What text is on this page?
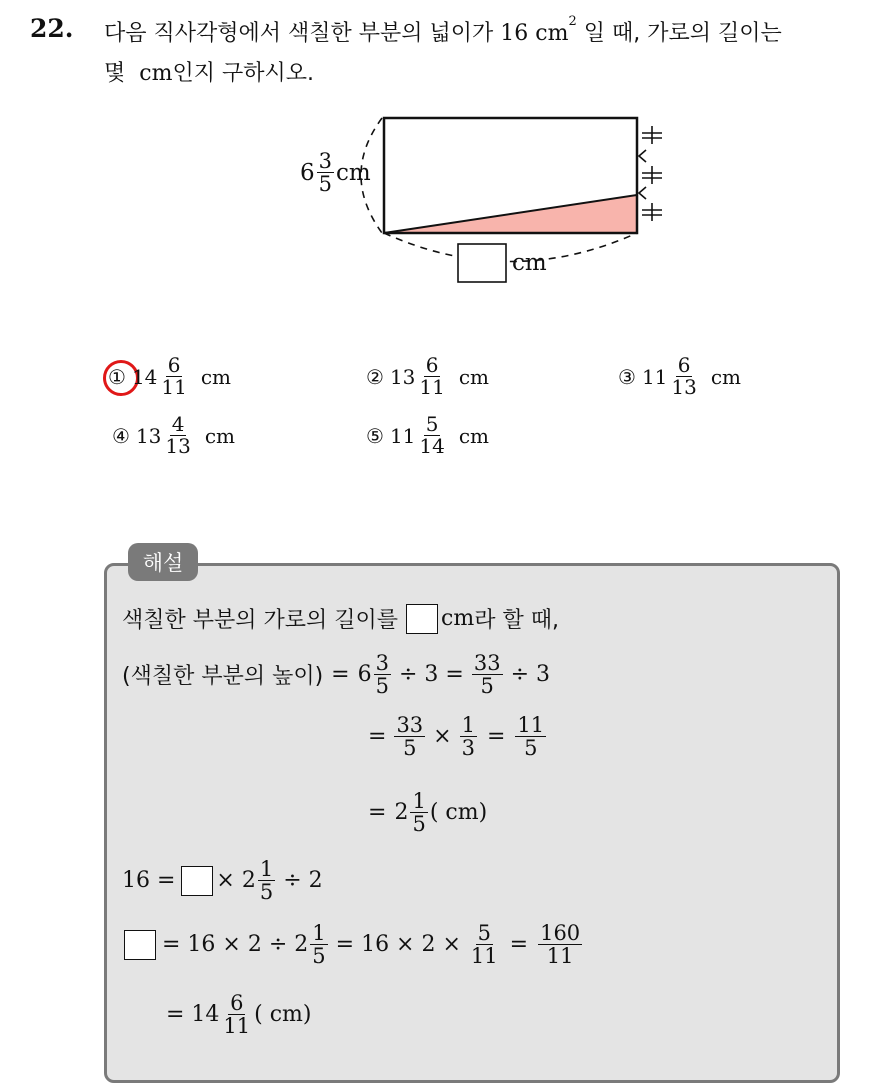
22. 다음 직사각형에서 색칠한 부분의 넓이가 16 $cm^2$ 일 때, 가로의 길이는
몇 cm인지 구하시오.
$6 \frac{3}{5}$ cm
cm
① $14 \frac{6}{11}$ cm	② $13 \frac{6}{11}$ cm	③ $11 \frac{6}{13}$ cm
④ $13 \frac{4}{13}$ cm	⑤ $11 \frac{5}{14}$ cm
해설
색칠한 부분의 가로의 길이를 cm 라 할 때,
(색칠한 부분의 높이) = $6 \frac{3}{5} \div 3 = \frac{33}{5} \div 3$
= $\frac{33}{5} \times \frac{1}{3} = \frac{11}{5}$
= $2 \frac{1}{5}$ ( cm)
16 = × $2 \frac{1}{5} \div 2$
= $16 \times 2 \div 2 \frac{1}{5} = 16 \times 2 \times \frac{5}{11} = \frac{160}{11}$
= $14 \frac{6}{11}$ ( cm)
